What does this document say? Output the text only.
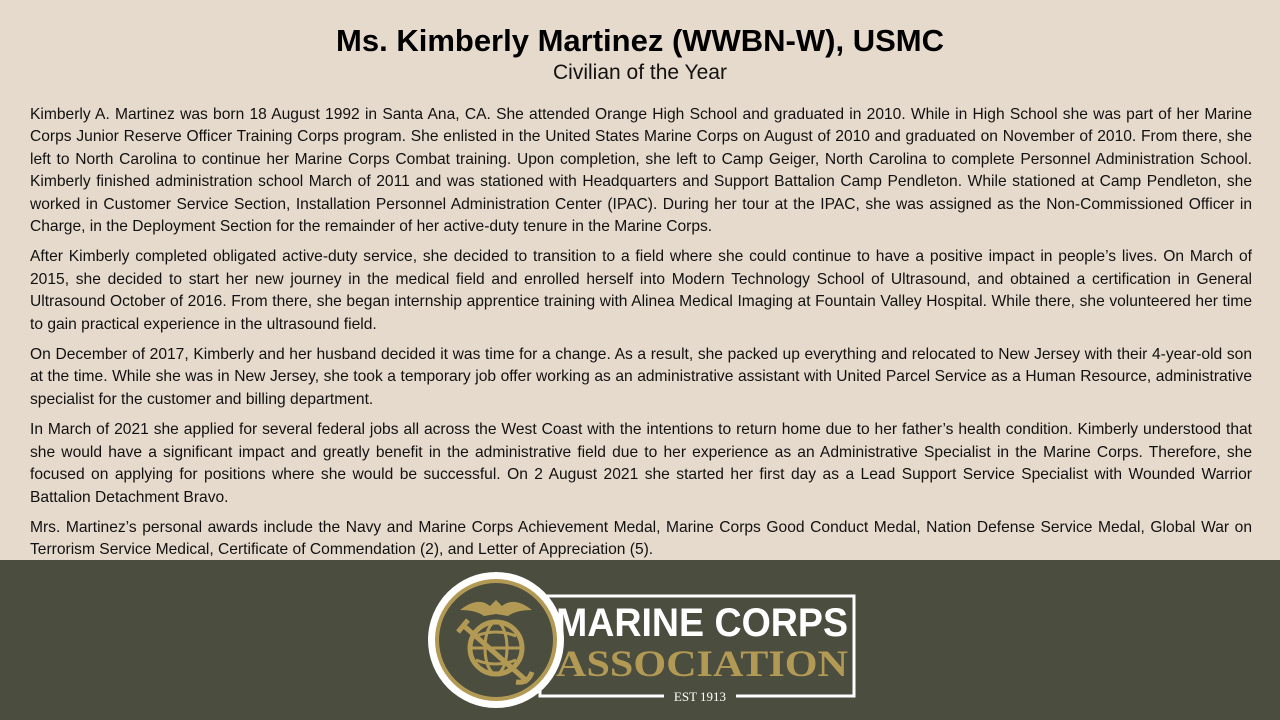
Ms. Kimberly Martinez (WWBN-W), USMC
Civilian of the Year

Kimberly A. Martinez was born 18 August 1992 in Santa Ana, CA. She attended Orange High School and graduated in 2010. While in High School she was part of her Marine Corps Junior Reserve Officer Training Corps program. She enlisted in the United States Marine Corps on August of 2010 and graduated on November of 2010. From there, she left to North Carolina to continue her Marine Corps Combat training. Upon completion, she left to Camp Geiger, North Carolina to complete Personnel Administration School. Kimberly finished administration school March of 2011 and was stationed with Headquarters and Support Battalion Camp Pendleton. While stationed at Camp Pendleton, she worked in Customer Service Section, Installation Personnel Administration Center (IPAC). During her tour at the IPAC, she was assigned as the Non-Commissioned Officer in Charge, in the Deployment Section for the remainder of her active-duty tenure in the Marine Corps.

After Kimberly completed obligated active-duty service, she decided to transition to a field where she could continue to have a positive impact in people’s lives. On March of 2015, she decided to start her new journey in the medical field and enrolled herself into Modern Technology School of Ultrasound, and obtained a certification in General Ultrasound October of 2016. From there, she began internship apprentice training with Alinea Medical Imaging at Fountain Valley Hospital. While there, she volunteered her time to gain practical experience in the ultrasound field.

On December of 2017, Kimberly and her husband decided it was time for a change. As a result, she packed up everything and relocated to New Jersey with their 4-year-old son at the time. While she was in New Jersey, she took a temporary job offer working as an administrative assistant with United Parcel Service as a Human Resource, administrative specialist for the customer and billing department.

In March of 2021 she applied for several federal jobs all across the West Coast with the intentions to return home due to her father’s health condition. Kimberly understood that she would have a significant impact and greatly benefit in the administrative field due to her experience as an Administrative Specialist in the Marine Corps. Therefore, she focused on applying for positions where she would be successful. On 2 August 2021 she started her first day as a Lead Support Service Specialist with Wounded Warrior Battalion Detachment Bravo.

Mrs. Martinez’s personal awards include the Navy and Marine Corps Achievement Medal, Marine Corps Good Conduct Medal, Nation Defense Service Medal, Global War on Terrorism Service Medical, Certificate of Commendation (2), and Letter of Appreciation (5).

MARINE CORPS
ASSOCIATION
EST 1913
